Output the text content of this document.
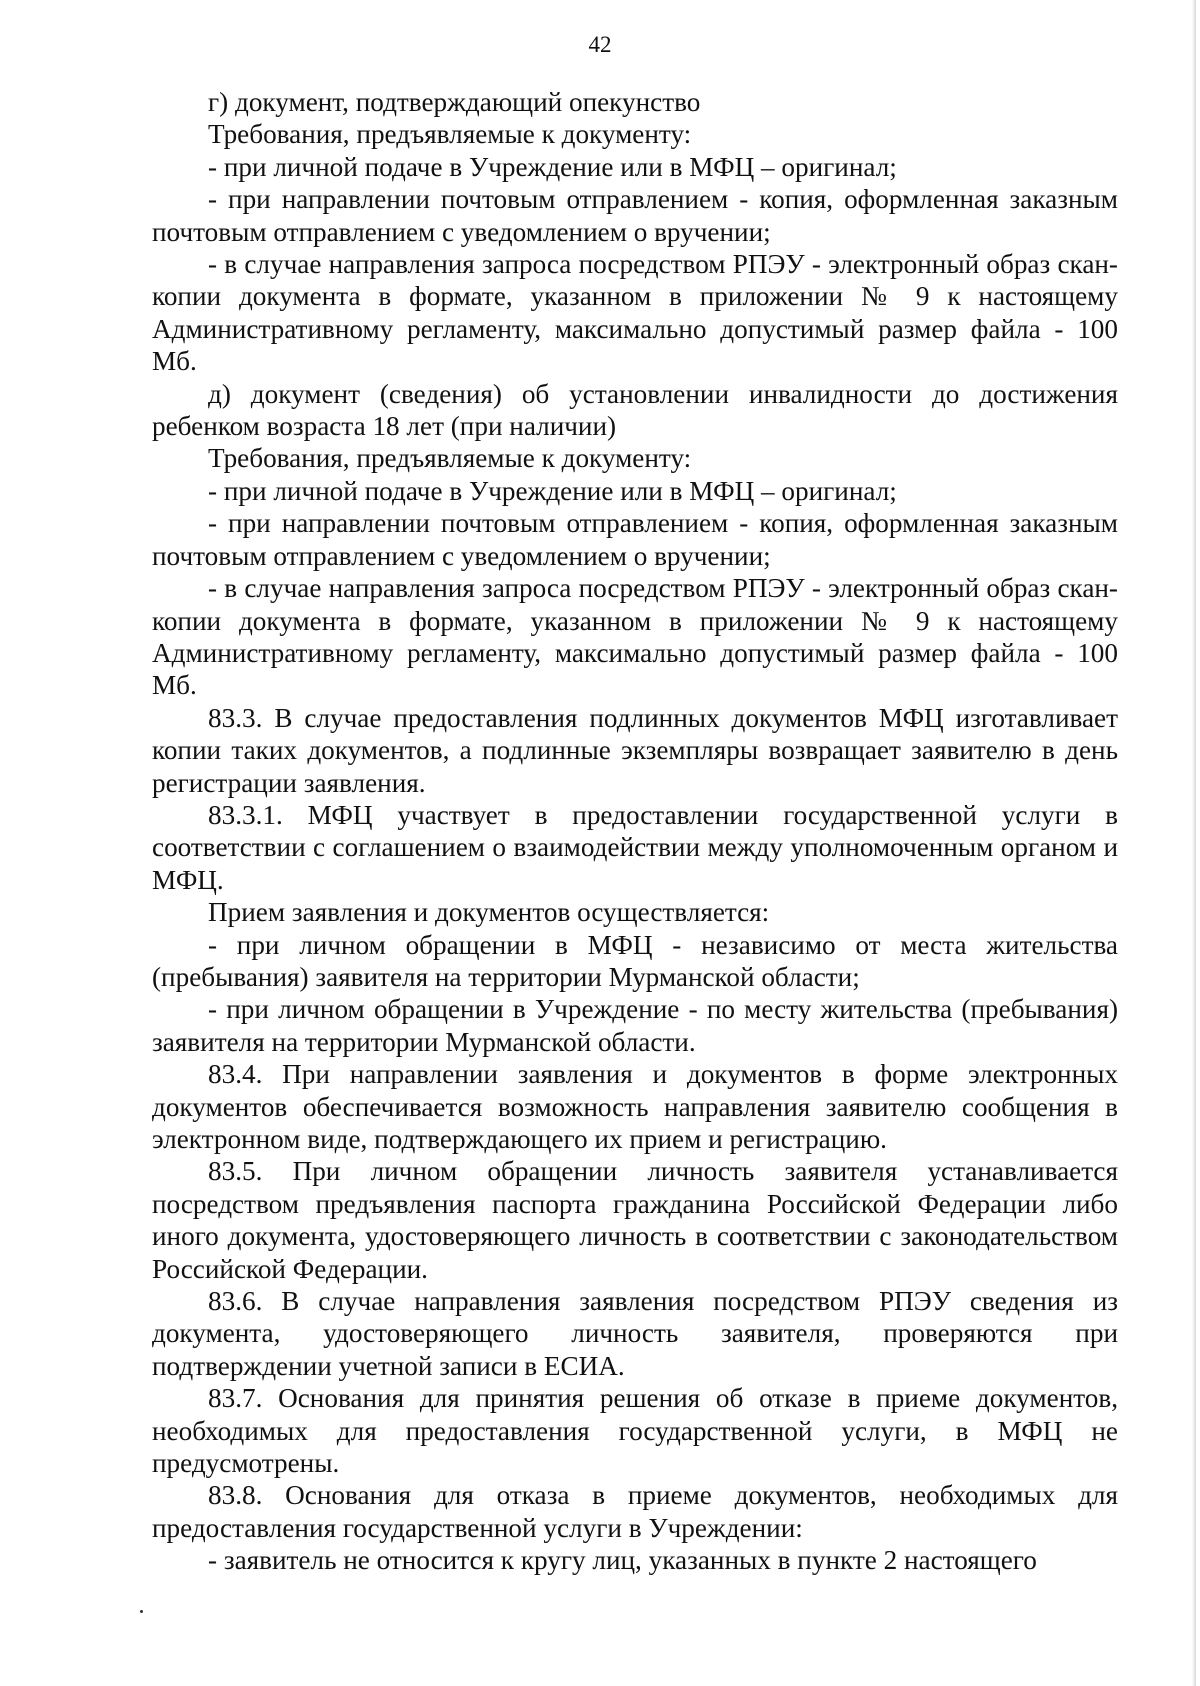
42

г) документ, подтверждающий опекунство

Требования, предъявляемые к документу:

- при личной подаче в Учреждение или в МФЦ – оригинал;

- при направлении почтовым отправлением - копия, оформленная заказным почтовым отправлением с уведомлением о вручении;

- в случае направления запроса посредством РПЭУ - электронный образ скан-копии документа в формате, указанном в приложении № 9 к настоящему Административному регламенту, максимально допустимый размер файла - 100 Мб.

д) документ (сведения) об установлении инвалидности до достижения ребенком возраста 18 лет (при наличии)

Требования, предъявляемые к документу:

- при личной подаче в Учреждение или в МФЦ – оригинал;

- при направлении почтовым отправлением - копия, оформленная заказным почтовым отправлением с уведомлением о вручении;

- в случае направления запроса посредством РПЭУ - электронный образ скан-копии документа в формате, указанном в приложении № 9 к настоящему Административному регламенту, максимально допустимый размер файла - 100 Мб.

83.3. В случае предоставления подлинных документов МФЦ изготавливает копии таких документов, а подлинные экземпляры возвращает заявителю в день регистрации заявления.

83.3.1. МФЦ участвует в предоставлении государственной услуги в соответствии с соглашением о взаимодействии между уполномоченным органом и МФЦ.

Прием заявления и документов осуществляется:

- при личном обращении в МФЦ - независимо от места жительства (пребывания) заявителя на территории Мурманской области;

- при личном обращении в Учреждение - по месту жительства (пребывания) заявителя на территории Мурманской области.

83.4. При направлении заявления и документов в форме электронных документов обеспечивается возможность направления заявителю сообщения в электронном виде, подтверждающего их прием и регистрацию.

83.5. При личном обращении личность заявителя устанавливается посредством предъявления паспорта гражданина Российской Федерации либо иного документа, удостоверяющего личность в соответствии с законодательством Российской Федерации.

83.6. В случае направления заявления посредством РПЭУ сведения из документа, удостоверяющего личность заявителя, проверяются при подтверждении учетной записи в ЕСИА.

83.7. Основания для принятия решения об отказе в приеме документов, необходимых для предоставления государственной услуги, в МФЦ не предусмотрены.

83.8. Основания для отказа в приеме документов, необходимых для предоставления государственной услуги в Учреждении:

- заявитель не относится к кругу лиц, указанных в пункте 2 настоящего
